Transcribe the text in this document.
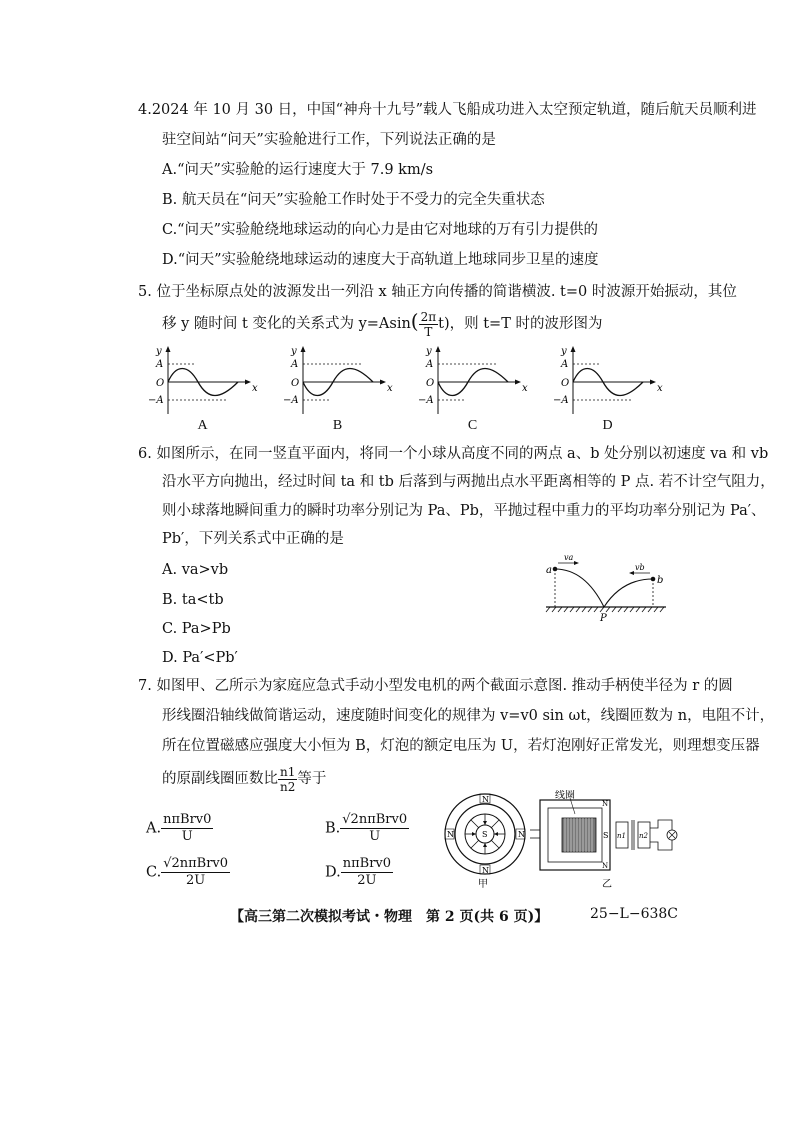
4.2024 年 10 月 30 日，中国“神舟十九号”载人飞船成功进入太空预定轨道，随后航天员顺利进
驻空间站“问天”实验舱进行工作，下列说法正确的是
A.“问天”实验舱的运行速度大于 7.9 km/s
B. 航天员在“问天”实验舱工作时处于不受力的完全失重状态
C.“问天”实验舱绕地球运动的向心力是由它对地球的万有引力提供的
D.“问天”实验舱绕地球运动的速度大于高轨道上地球同步卫星的速度
5. 位于坐标原点处的波源发出一列沿 x 轴正方向传播的简谐横波. t=0 时波源开始振动，其位
移 y 随时间 t 变化的关系式为 $y=Asin( \frac{2\pi}{T} t)$，则 t=T 时的波形图为
y
A
O
−A
x
A
y
A
O
−A
x
B
y
A
O
−A
x
C
y
A
O
−A
x
D
6. 如图所示，在同一竖直平面内，将同一个小球从高度不同的两点 a、b 处分别以初速度 va 和 vb
沿水平方向抛出，经过时间 ta 和 tb 后落到与两抛出点水平距离相等的 P 点. 若不计空气阻力，
则小球落地瞬间重力的瞬时功率分别记为 Pa、Pb，平抛过程中重力的平均功率分别记为 Pa′、
Pb′，下列关系式中正确的是
A. va>vb
B. ta<tb
C. Pa>Pb
D. Pa′<Pb′
a
b
va
vb
P
7. 如图甲、乙所示为家庭应急式手动小型发电机的两个截面示意图. 推动手柄使半径为 r 的圆
形线圈沿轴线做简谐运动，速度随时间变化的规律为 v=v0 sin ωt，线圈匝数为 n，电阻不计，
所在位置磁感应强度大小恒为 B，灯泡的额定电压为 U，若灯泡刚好正常发光，则理想变压器
的原副线圈匝数比 $\frac{n1}{n2}$ 等于
A. $\frac{\text{nπBrv0}}{U}$	B. $\frac{\text{√2nπBrv0}}{U}$
C. $\frac{\text{√2nπBrv0}}{2U}$	D. $\frac{\text{nπBrv0}}{2U}$
N
N
N	N
S	S
N
N
线圈
n1 n2
甲	乙
【高三第二次模拟考试・物理　第 2 页(共 6 页)】	25−L−638C
